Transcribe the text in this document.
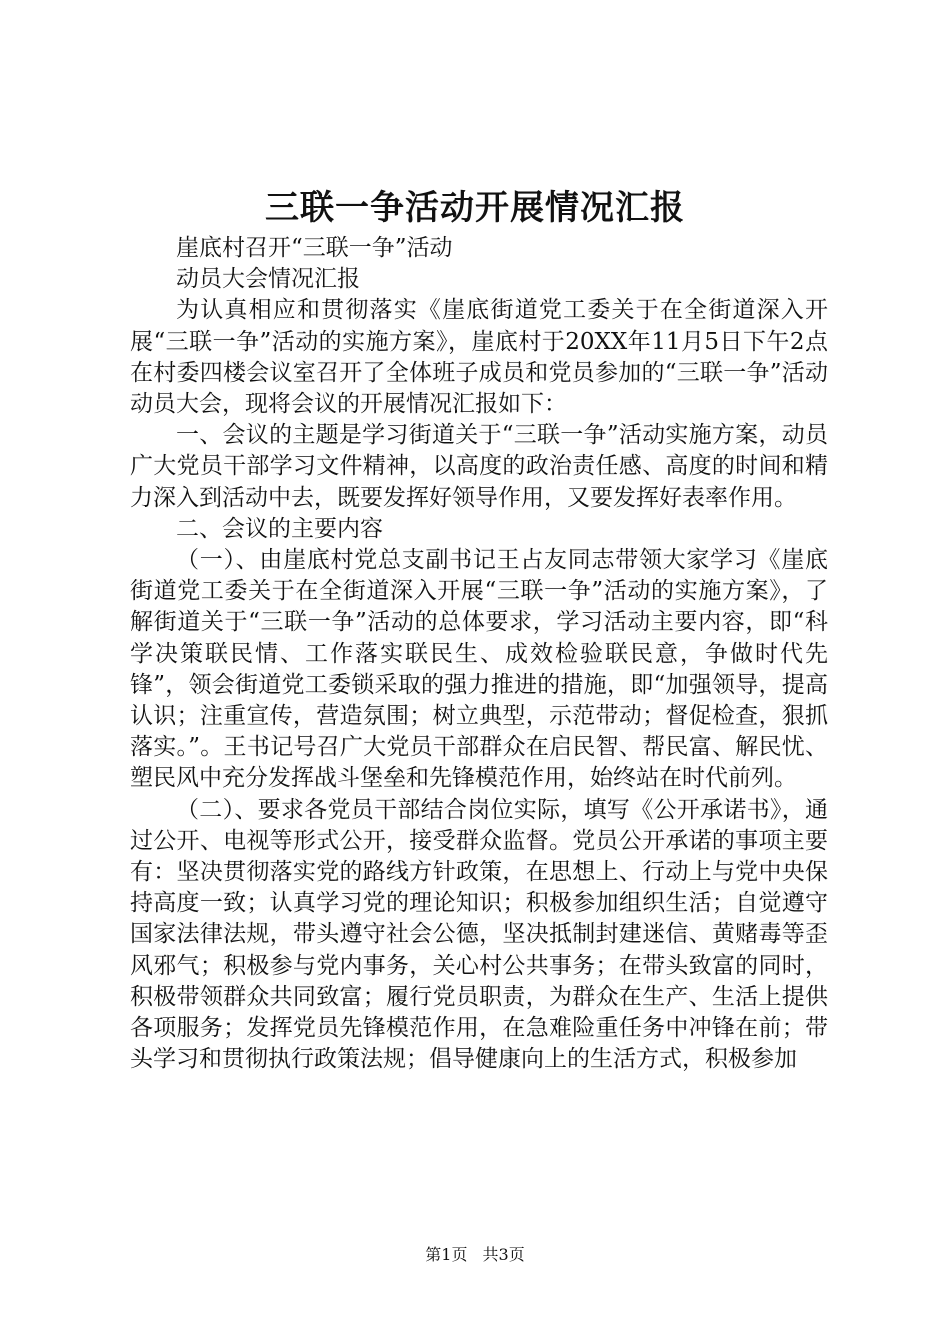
三联一争活动开展情况汇报

崖底村召开“三联一争”活动

动员大会情况汇报

为认真相应和贯彻落实《崖底街道党工委关于在全街道深入开展“三联一争”活动的实施方案》，崖底村于20XX年11月5日下午2点在村委四楼会议室召开了全体班子成员和党员参加的“三联一争”活动动员大会，现将会议的开展情况汇报如下：

一、会议的主题是学习街道关于“三联一争”活动实施方案，动员广大党员干部学习文件精神，以高度的政治责任感、高度的时间和精力深入到活动中去，既要发挥好领导作用，又要发挥好表率作用。

二、会议的主要内容

（一）、由崖底村党总支副书记王占友同志带领大家学习《崖底街道党工委关于在全街道深入开展“三联一争”活动的实施方案》，了解街道关于“三联一争”活动的总体要求，学习活动主要内容，即“科学决策联民情、工作落实联民生、成效检验联民意，争做时代先锋”，领会街道党工委锁采取的强力推进的措施，即“加强领导，提高认识；注重宣传，营造氛围；树立典型，示范带动；督促检查，狠抓落实。”。王书记号召广大党员干部群众在启民智、帮民富、解民忧、塑民风中充分发挥战斗堡垒和先锋模范作用，始终站在时代前列。

（二）、要求各党员干部结合岗位实际，填写《公开承诺书》，通过公开、电视等形式公开，接受群众监督。党员公开承诺的事项主要有：坚决贯彻落实党的路线方针政策，在思想上、行动上与党中央保持高度一致；认真学习党的理论知识；积极参加组织生活；自觉遵守国家法律法规，带头遵守社会公德，坚决抵制封建迷信、黄赌毒等歪风邪气；积极参与党内事务，关心村公共事务；在带头致富的同时，积极带领群众共同致富；履行党员职责，为群众在生产、生活上提供各项服务；发挥党员先锋模范作用，在急难险重任务中冲锋在前；带头学习和贯彻执行政策法规；倡导健康向上的生活方式，积极参加

第1页 共3页
